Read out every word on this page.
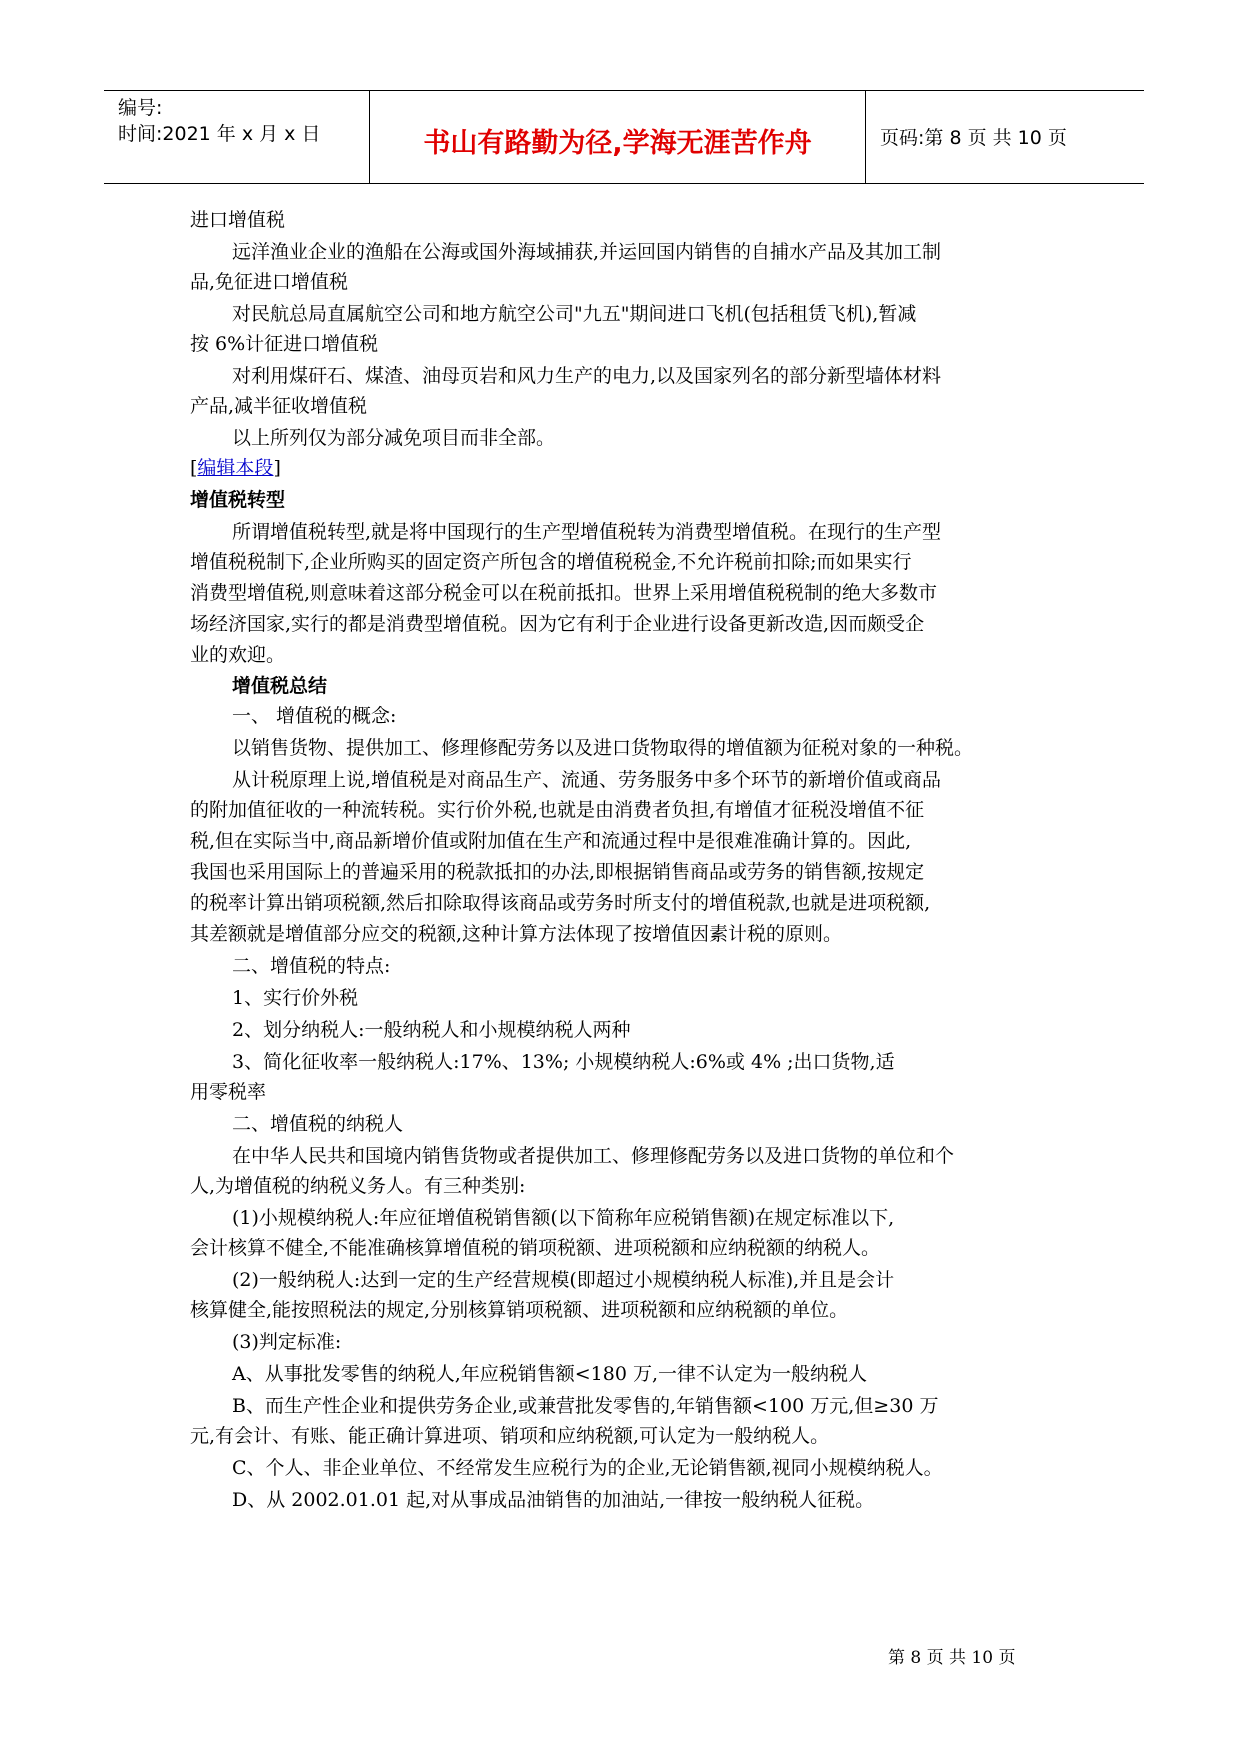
编号:
时间:2021 年 x 月 x 日	书山有路勤为径,学海无涯苦作舟	页码:第 8 页 共 10 页
进口增值税
远洋渔业企业的渔船在公海或国外海域捕获,并运回国内销售的自捕水产品及其加工制
品,免征进口增值税
对民航总局直属航空公司和地方航空公司"九五"期间进口飞机(包括租赁飞机),暂减
按 6%计征进口增值税
对利用煤矸石、煤渣、油母页岩和风力生产的电力,以及国家列名的部分新型墙体材料
产品,减半征收增值税
以上所列仅为部分减免项目而非全部。
[编辑本段]
增值税转型
所谓增值税转型,就是将中国现行的生产型增值税转为消费型增值税。在现行的生产型
增值税税制下,企业所购买的固定资产所包含的增值税税金,不允许税前扣除;而如果实行
消费型增值税,则意味着这部分税金可以在税前抵扣。世界上采用增值税税制的绝大多数市
场经济国家,实行的都是消费型增值税。因为它有利于企业进行设备更新改造,因而颇受企
业的欢迎。
增值税总结
一、 增值税的概念:
以销售货物、提供加工、修理修配劳务以及进口货物取得的增值额为征税对象的一种税。
从计税原理上说,增值税是对商品生产、流通、劳务服务中多个环节的新增价值或商品
的附加值征收的一种流转税。实行价外税,也就是由消费者负担,有增值才征税没增值不征
税,但在实际当中,商品新增价值或附加值在生产和流通过程中是很难准确计算的。因此,
我国也采用国际上的普遍采用的税款抵扣的办法,即根据销售商品或劳务的销售额,按规定
的税率计算出销项税额,然后扣除取得该商品或劳务时所支付的增值税款,也就是进项税额,
其差额就是增值部分应交的税额,这种计算方法体现了按增值因素计税的原则。
二、增值税的特点:
1、实行价外税
2、划分纳税人:一般纳税人和小规模纳税人两种
3、简化征收率一般纳税人:17%、13%; 小规模纳税人:6%或 4% ;出口货物,适
用零税率
二、增值税的纳税人
在中华人民共和国境内销售货物或者提供加工、修理修配劳务以及进口货物的单位和个
人,为增值税的纳税义务人。有三种类别:
(1)小规模纳税人:年应征增值税销售额(以下简称年应税销售额)在规定标准以下,
会计核算不健全,不能准确核算增值税的销项税额、进项税额和应纳税额的纳税人。
(2)一般纳税人:达到一定的生产经营规模(即超过小规模纳税人标准),并且是会计
核算健全,能按照税法的规定,分别核算销项税额、进项税额和应纳税额的单位。
(3)判定标准:
A、从事批发零售的纳税人,年应税销售额<180 万,一律不认定为一般纳税人
B、而生产性企业和提供劳务企业,或兼营批发零售的,年销售额<100 万元,但≥30 万
元,有会计、有账、能正确计算进项、销项和应纳税额,可认定为一般纳税人。
C、个人、非企业单位、不经常发生应税行为的企业,无论销售额,视同小规模纳税人。
D、从 2002.01.01 起,对从事成品油销售的加油站,一律按一般纳税人征税。
第 8 页 共 10 页
